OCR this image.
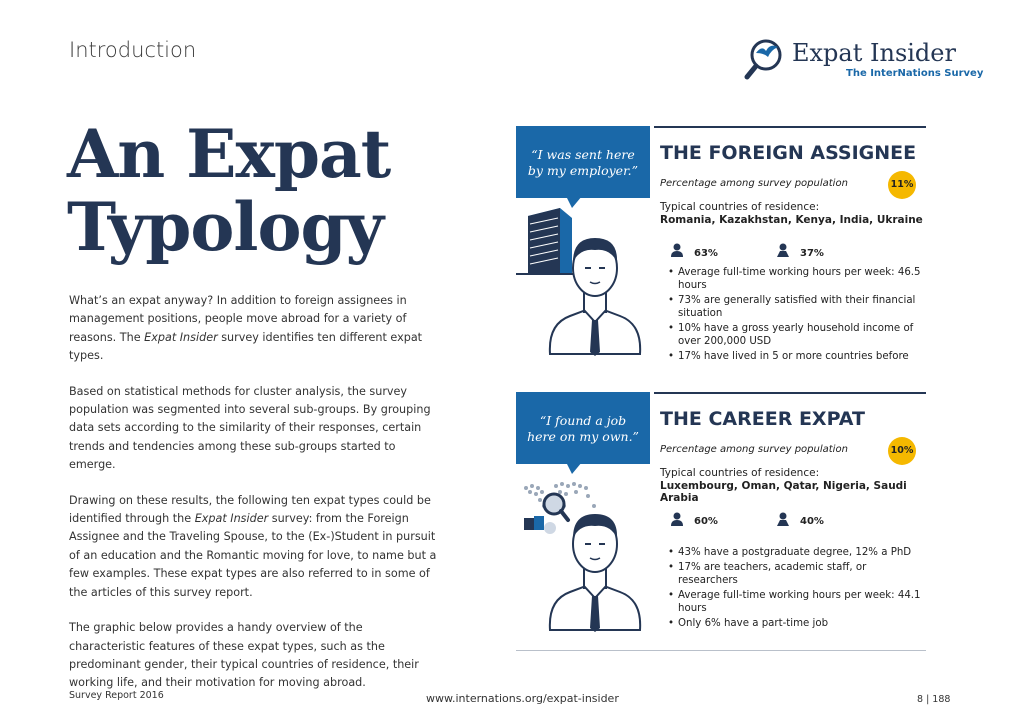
Introduction	Expat Insider
The InterNations Survey
An Expat
Typology

What’s an expat anyway? In addition to foreign assignees in management positions, people move abroad for a variety of reasons. The Expat Insider survey identifies ten different expat types.

Based on statistical methods for cluster analysis, the survey population was segmented into several sub-groups. By grouping data sets according to the similarity of their responses, certain trends and tendencies among these sub-groups started to emerge.

Drawing on these results, the following ten expat types could be identified through the Expat Insider survey: from the Foreign Assignee and the Traveling Spouse, to the (Ex-)Student in pursuit of an education and the Romantic moving for love, to name but a few examples. These expat types are also referred to in some of the articles of this survey report.

The graphic below provides a handy overview of the characteristic features of these expat types, such as the predominant gender, their typical countries of residence, their working life, and their motivation for moving abroad.

“I was sent here by my employer.”
THE FOREIGN ASSIGNEE
Percentage among survey population	11%
Typical countries of residence:
Romania, Kazakhstan, Kenya, India, Ukraine
63%	37%
• Average full-time working hours per week: 46.5 hours
• 73% are generally satisfied with their financial situation
• 10% have a gross yearly household income of over 200,000 USD
• 17% have lived in 5 or more countries before
“I found a job here on my own.”
THE CAREER EXPAT
Percentage among survey population	10%
Typical countries of residence:
Luxembourg, Oman, Qatar, Nigeria, Saudi Arabia
60%	40%
• 43% have a postgraduate degree, 12% a PhD
• 17% are teachers, academic staff, or researchers
• Average full-time working hours per week: 44.1 hours
• Only 6% have a part-time job
Survey Report 2016	www.internations.org/expat-insider	8 | 188
